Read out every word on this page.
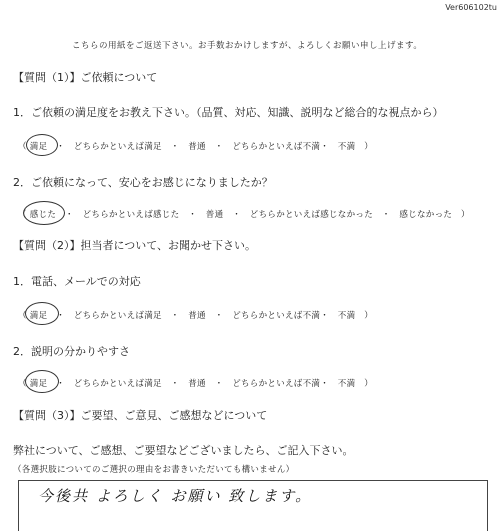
Ver606102tu
こちらの用紙をご返送下さい。お手数おかけしますが、よろしくお願い申し上げます。
【質問（1）】ご依頼について
1．ご依頼の満足度をお教え下さい。（品質、対応、知識、説明など総合的な視点から）
（ 満足　・　どちらかといえば満足　・　普通　・　どちらかといえば不満・　不満　）
2．ご依頼になって、安心をお感じになりましたか？
（ 感じた　・　どちらかといえば感じた　・　普通　・　どちらかといえば感じなかった　・　感じなかった　）
【質問（2）】担当者について、お聞かせ下さい。
1．電話、メールでの対応
（ 満足　・　どちらかといえば満足　・　普通　・　どちらかといえば不満・　不満　）
2．説明の分かりやすさ
（ 満足　・　どちらかといえば満足　・　普通　・　どちらかといえば不満・　不満　）
【質問（3）】ご要望、ご意見、ご感想などについて
弊社について、ご感想、ご要望などございましたら、ご記入下さい。
（各選択肢についてのご選択の理由をお書きいただいても構いません）
今後共 よろしく お願い 致します。
